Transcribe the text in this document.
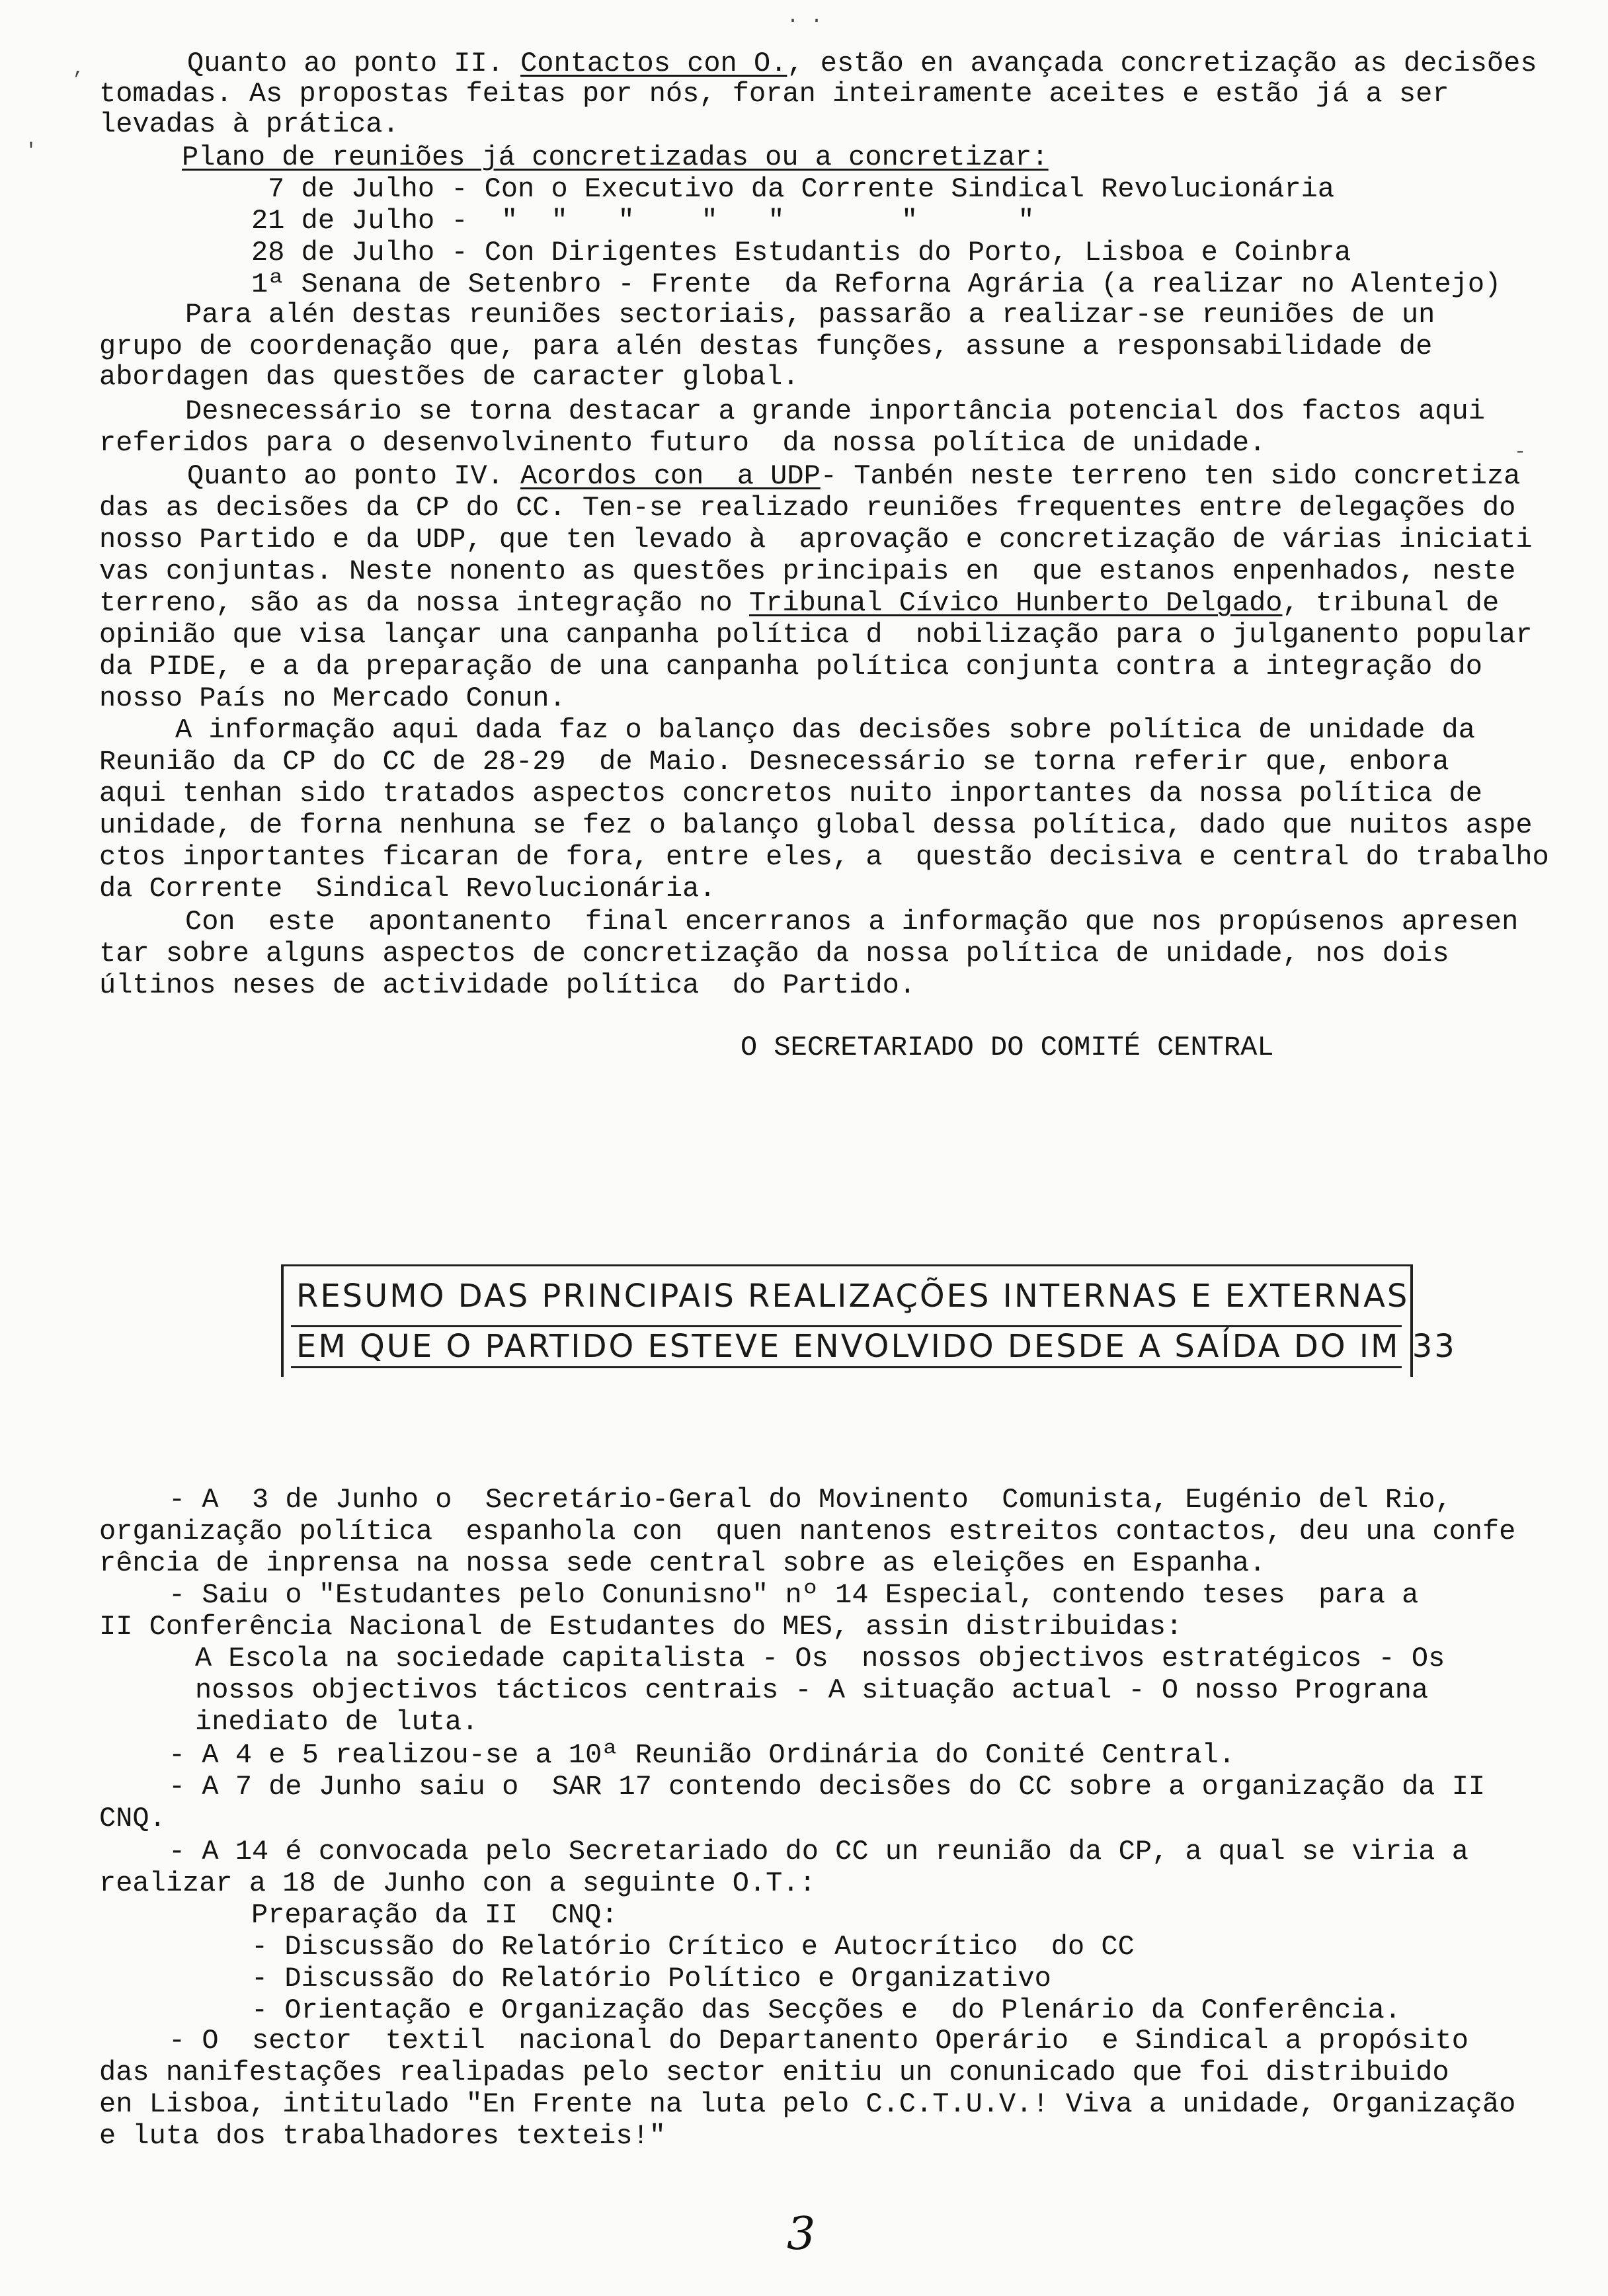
Quanto ao ponto II. Contactos con O., estão en avançada concretização as decisões
tomadas. As propostas feitas por nós, foran inteiramente aceites e estão já a ser
levadas à prática.
Plano de reuniões já concretizadas ou a concretizar:
7 de Julho - Con o Executivo da Corrente Sindical Revolucionária
21 de Julho -  "  "   "    "   "       "      "
28 de Julho - Con Dirigentes Estudantis do Porto, Lisboa e Coinbra
1ª Senana de Setenbro - Frente  da Reforna Agrária (a realizar no Alentejo)
Para alén destas reuniões sectoriais, passarão a realizar-se reuniões de un
grupo de coordenação que, para alén destas funções, assune a responsabilidade de
abordagen das questões de caracter global.
Desnecessário se torna destacar a grande inportância potencial dos factos aqui
referidos para o desenvolvinento futuro  da nossa política de unidade.
Quanto ao ponto IV. Acordos con  a UDP- Tanbén neste terreno ten sido concretiza
das as decisões da CP do CC. Ten-se realizado reuniões frequentes entre delegações do
nosso Partido e da UDP, que ten levado à  aprovação e concretização de várias iniciati
vas conjuntas. Neste nonento as questões principais en  que estanos enpenhados, neste
terreno, são as da nossa integração no Tribunal Cívico Hunberto Delgado, tribunal de
opinião que visa lançar una canpanha política d  nobilização para o julganento popular
da PIDE, e a da preparação de una canpanha política conjunta contra a integração do
nosso País no Mercado Conun.
A informação aqui dada faz o balanço das decisões sobre política de unidade da
Reunião da CP do CC de 28-29  de Maio. Desnecessário se torna referir que, enbora
aqui tenhan sido tratados aspectos concretos nuito inportantes da nossa política de
unidade, de forna nenhuna se fez o balanço global dessa política, dado que nuitos aspe
ctos inportantes ficaran de fora, entre eles, a  questão decisiva e central do trabalho
da Corrente  Sindical Revolucionária.
Con  este  apontanento  final encerranos a informação que nos propúsenos apresen
tar sobre alguns aspectos de concretização da nossa política de unidade, nos dois
últinos neses de actividade política  do Partido.
O SECRETARIADO DO COMITÉ CENTRAL
RESUMO DAS PRINCIPAIS REALIZAÇÕES INTERNAS E EXTERNAS
EM QUE O PARTIDO ESTEVE ENVOLVIDO DESDE A SAÍDA DO IM 33
- A  3 de Junho o  Secretário-Geral do Movinento  Comunista, Eugénio del Rio,
organização política  espanhola con  quen nantenos estreitos contactos, deu una confe
rência de inprensa na nossa sede central sobre as eleições en Espanha.
- Saiu o "Estudantes pelo Conunisno" nº 14 Especial, contendo teses  para a
II Conferência Nacional de Estudantes do MES, assin distribuidas:
A Escola na sociedade capitalista - Os  nossos objectivos estratégicos - Os
nossos objectivos tácticos centrais - A situação actual - O nosso Prograna
inediato de luta.
- A 4 e 5 realizou-se a 10ª Reunião Ordinária do Conité Central.
- A 7 de Junho saiu o  SAR 17 contendo decisões do CC sobre a organização da II
CNQ.
- A 14 é convocada pelo Secretariado do CC un reunião da CP, a qual se viria a
realizar a 18 de Junho con a seguinte O.T.:
Preparação da II  CNQ:
- Discussão do Relatório Crítico e Autocrítico  do CC
- Discussão do Relatório Político e Organizativo
- Orientação e Organização das Secções e  do Plenário da Conferência.
- O  sector  textil  nacional do Departanento Operário  e Sindical a propósito
das nanifestações realipadas pelo sector enitiu un conunicado que foi distribuido
en Lisboa, intitulado "En Frente na luta pelo C.C.T.U.V.! Viva a unidade, Organização
e luta dos trabalhadores texteis!"
3
,
'
-
· ·
